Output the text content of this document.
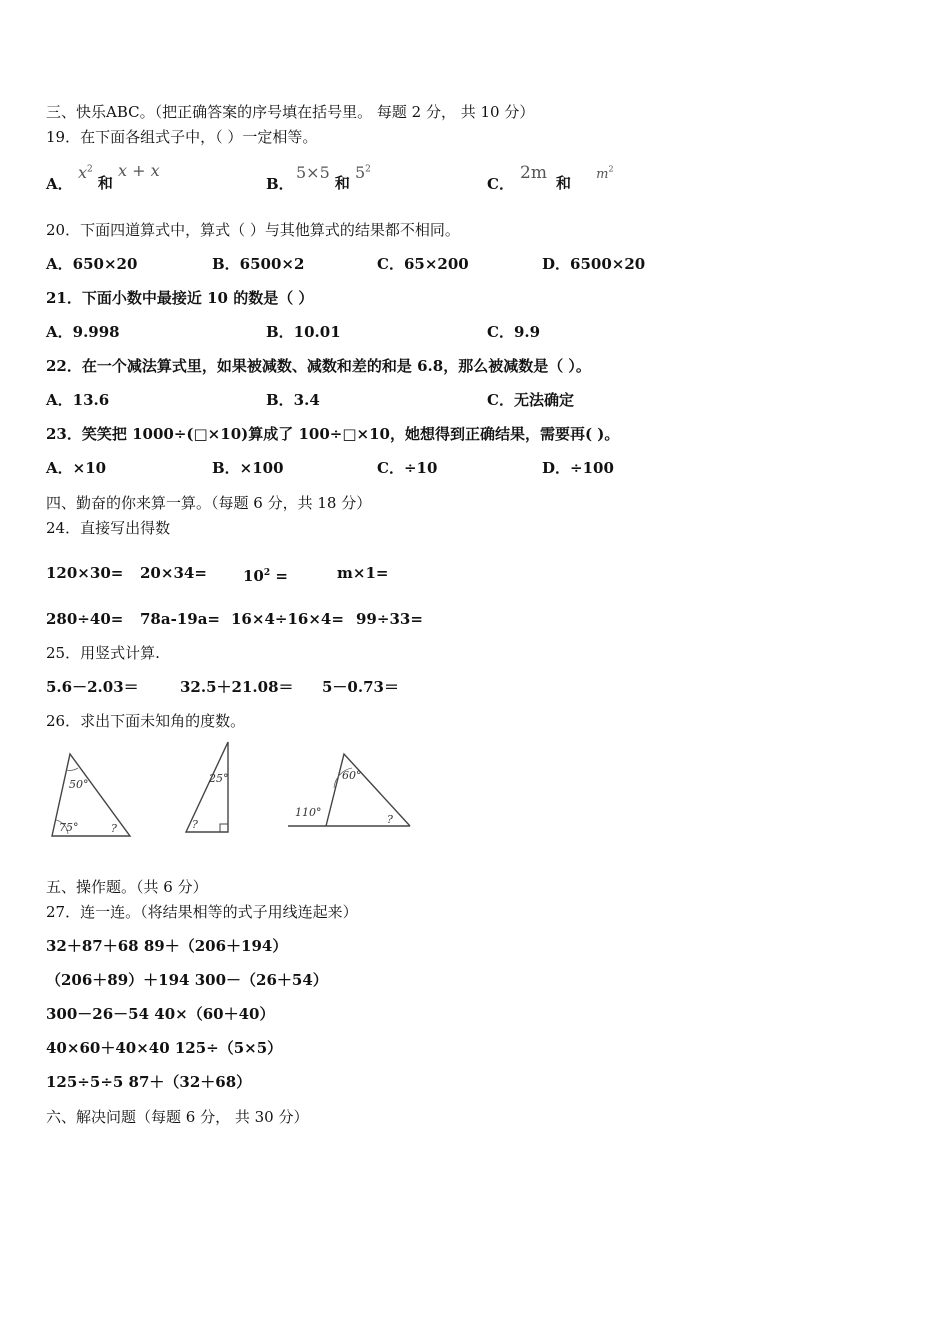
三、快乐ABC。（把正确答案的序号填在括号里。 每题 2 分， 共 10 分）
19．在下面各组式子中，（ ）一定相等。
A．
$x^2$ 和 x + x
B．
5×5 和 $5^2$
C．
2m 和 $m^2$
20．下面四道算式中，算式（ ）与其他算式的结果都不相同。
A．650×20	B．6500×2	C．65×200	D．6500×20
21．下面小数中最接近 10 的数是（ ）
A．9.998	B．10.01	C．9.9
22．在一个减法算式里，如果被减数、减数和差的和是 6.8，那么被减数是（ ）。
A．13.6	B．3.4	C．无法确定
23．笑笑把 1000÷(□×10)算成了 100÷□×10，她想得到正确结果，需要再( )。
A．×10	B．×100	C．÷10	D．÷100
四、勤奋的你来算一算。（每题 6 分，共 18 分）
24．直接写出得数
$120\times 30= 20\times 34= 10^2$ =	m×1=
280÷40= 78a-19a= 16×4÷16×4= 99÷33=
25．用竖式计算.
5.6－2.03＝	32.5＋21.08＝ 5－0.73＝
26．求出下面未知角的度数。
50°
75°	?
25°
?
60°
110°
?
五、操作题。（共 6 分）
27．连一连。（将结果相等的式子用线连起来）
32＋87＋68 89＋（206＋194）
（206＋89）＋194 300－（26＋54）
300－26－54 40×（60＋40）
40×60＋40×40 125÷（5×5）
125÷5÷5 87＋（32＋68）
六、解决问题（每题 6 分， 共 30 分）
